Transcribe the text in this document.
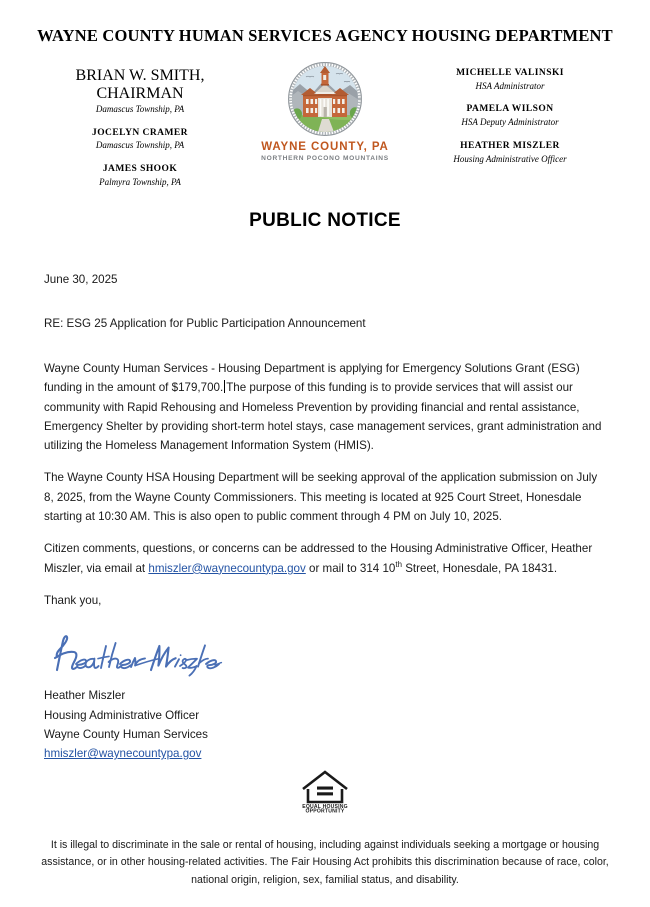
WAYNE COUNTY HUMAN SERVICES AGENCY HOUSING DEPARTMENT
BRIAN W. SMITH, CHAIRMAN
Damascus Township, PA
JOCELYN CRAMER
Damascus Township, PA
JAMES SHOOK
Palmyra Township, PA
WAYNE COUNTY, PA
NORTHERN POCONO MOUNTAINS
MICHELLE VALINSKI
HSA Administrator
PAMELA WILSON
HSA Deputy Administrator
HEATHER MISZLER
Housing Administrative Officer
PUBLIC NOTICE

June 30, 2025

RE: ESG 25 Application for Public Participation Announcement

Wayne County Human Services - Housing Department is applying for Emergency Solutions Grant (ESG) funding in the amount of $179,700. The purpose of this funding is to provide services that will assist our community with Rapid Rehousing and Homeless Prevention by providing financial and rental assistance, Emergency Shelter by providing short-term hotel stays, case management services, grant administration and utilizing the Homeless Management Information System (HMIS).

The Wayne County HSA Housing Department will be seeking approval of the application submission on July 8, 2025, from the Wayne County Commissioners. This meeting is located at 925 Court Street, Honesdale starting at 10:30 AM. This is also open to public comment through 4 PM on July 10, 2025.

Citizen comments, questions, or concerns can be addressed to the Housing Administrative Officer, Heather Miszler, via email at hmiszler@waynecountypa.gov or mail to 314 10th Street, Honesdale, PA 18431.

Thank you,

Heather Miszler
Housing Administrative Officer
Wayne County Human Services
hmiszler@waynecountypa.gov
EQUAL HOUSING
OPPORTUNITY
It is illegal to discriminate in the sale or rental of housing, including against individuals seeking a mortgage or housing assistance, or in other housing-related activities. The Fair Housing Act prohibits this discrimination because of race, color, national origin, religion, sex, familial status, and disability.
